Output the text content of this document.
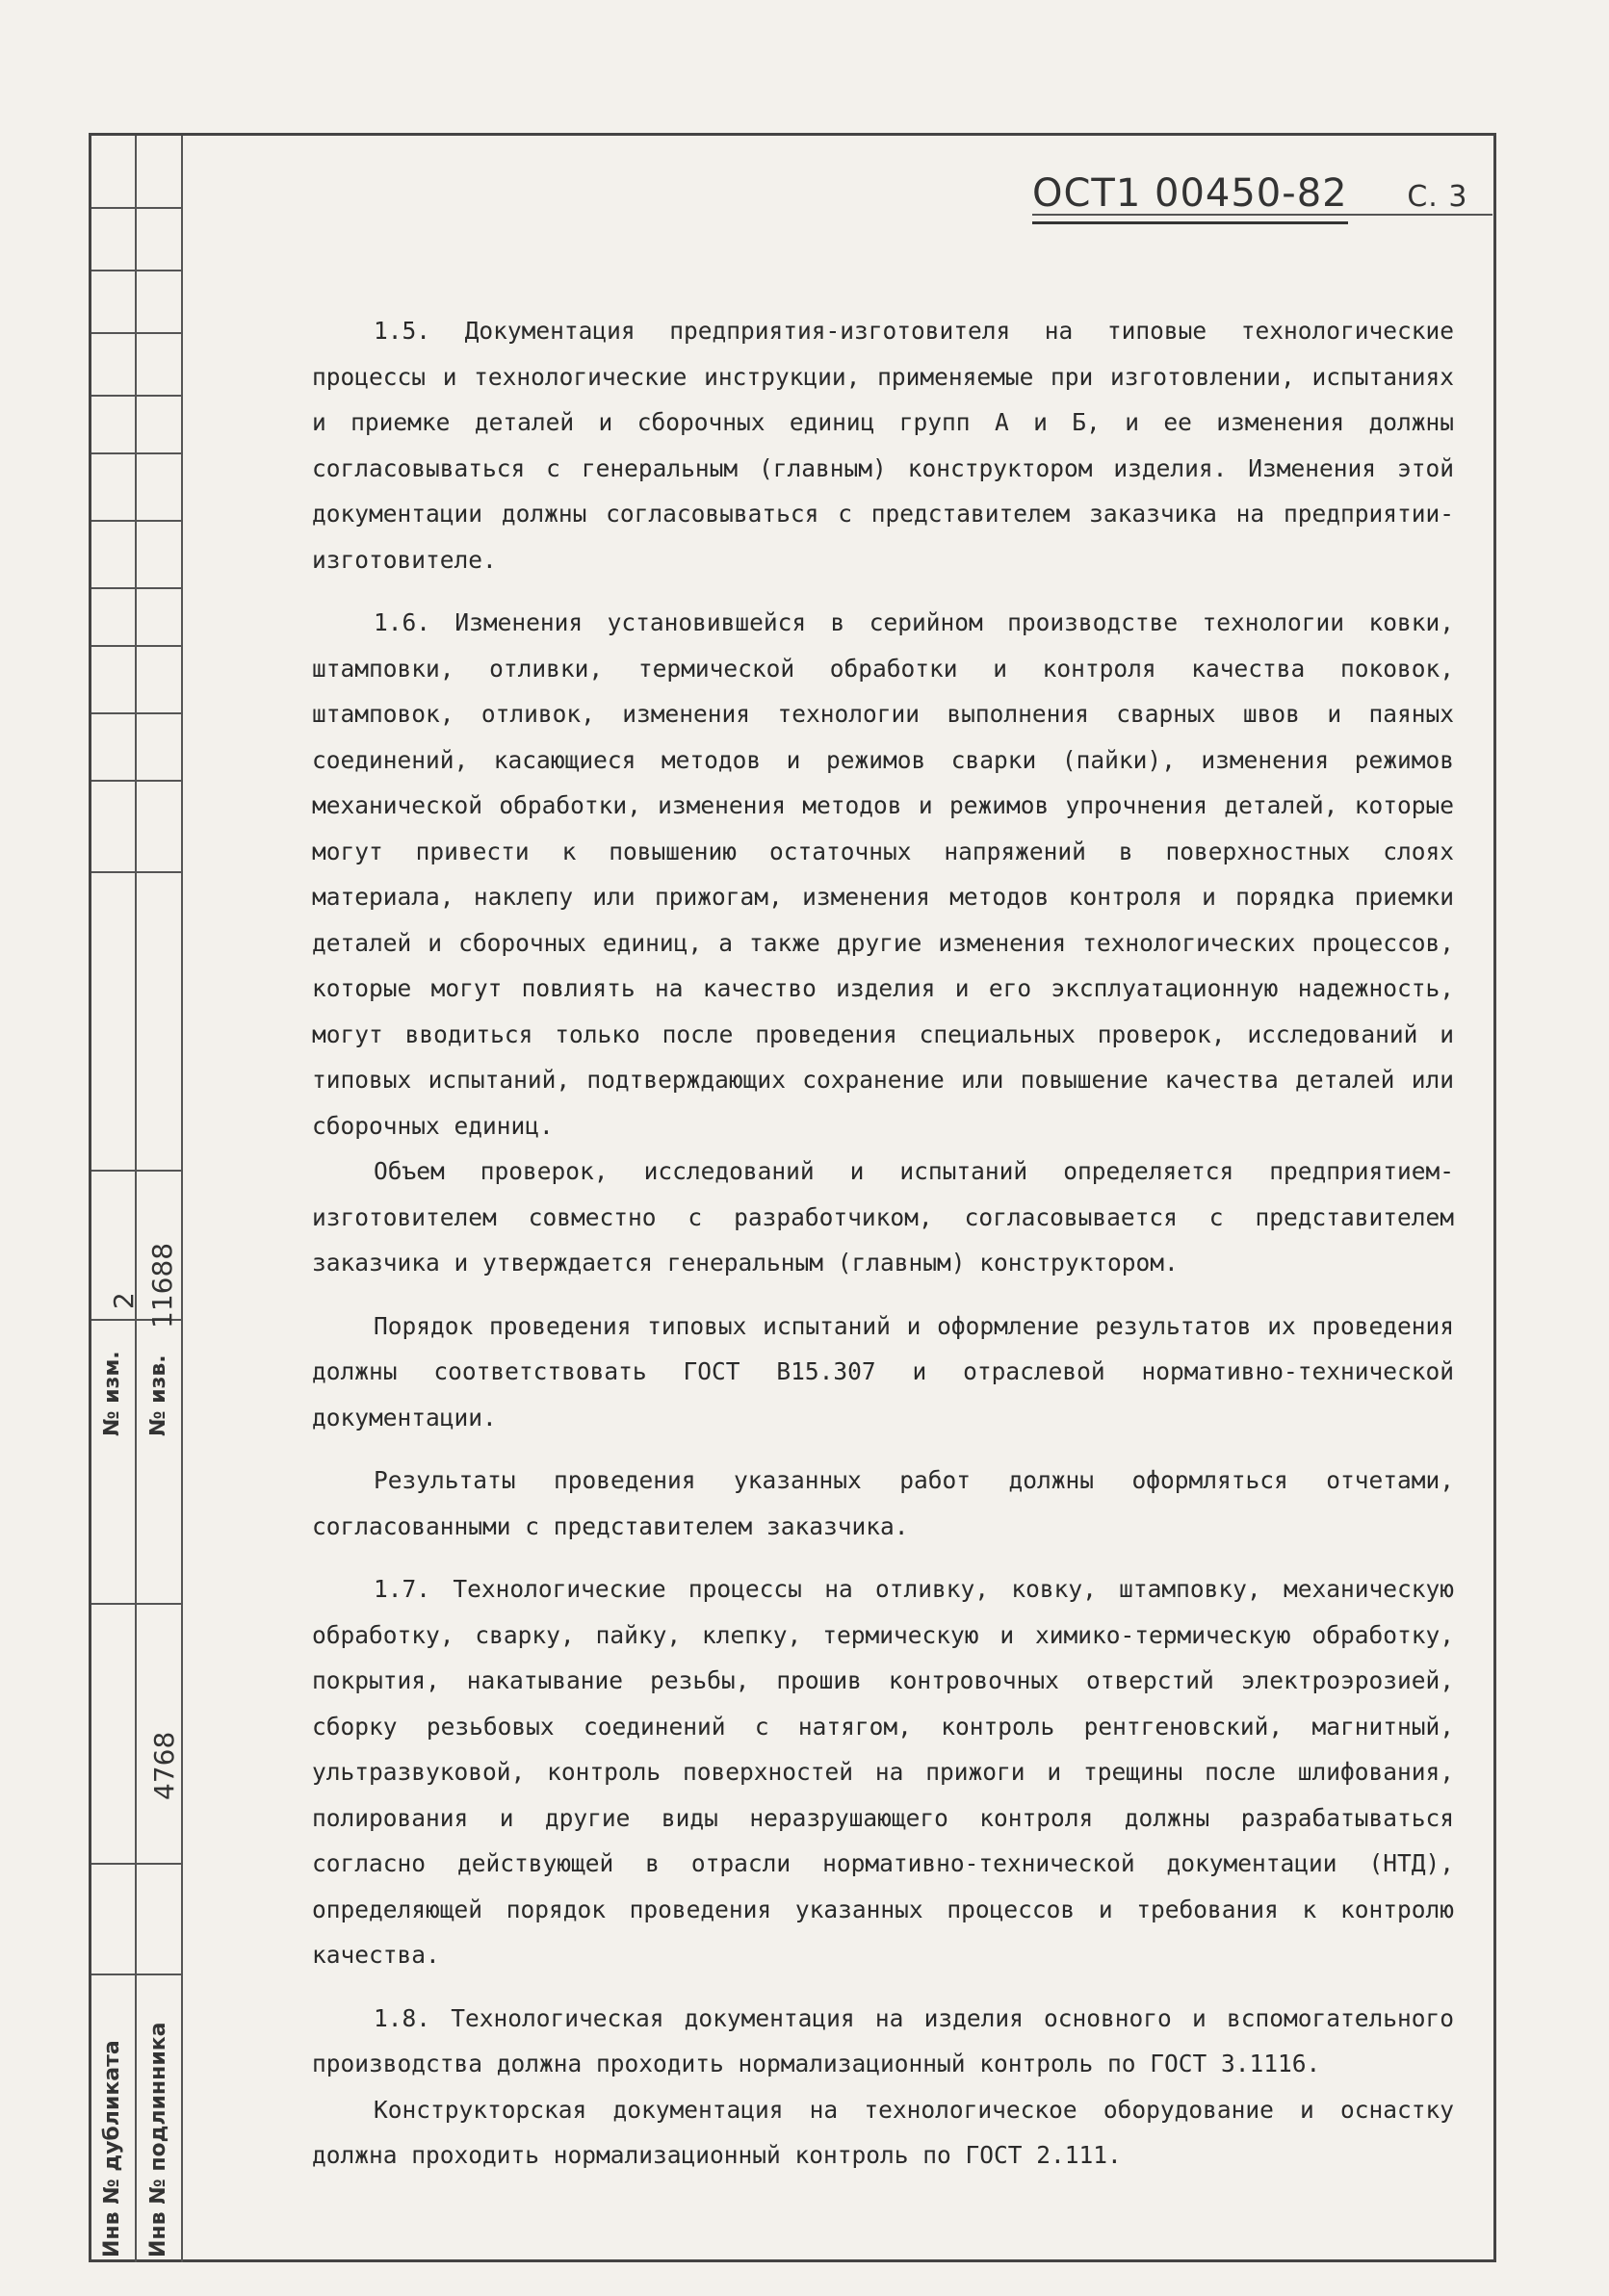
№ изм. № изв.
Инв № дубликата Инв № подлинника
2 11688
4768
ОСТ1 00450-82 С. 3

1.5. Документация предприятия-изготовителя на типовые технологические процессы и технологические инструкции, применяемые при изготовлении, испытаниях и приемке деталей и сборочных единиц групп А и Б, и ее изменения должны согласовываться с генеральным (главным) конструктором изделия. Изменения этой документации должны согласовываться с представителем заказчика на предприятии-изготовителе.

1.6. Изменения установившейся в серийном производстве технологии ковки, штамповки, отливки, термической обработки и контроля качества поковок, штамповок, отливок, изменения технологии выполнения сварных швов и паяных соединений, касающиеся методов и режимов сварки (пайки), изменения режимов механической обработки, изменения методов и режимов упрочнения деталей, которые могут привести к повышению остаточных напряжений в поверхностных слоях материала, наклепу или прижогам, изменения методов контроля и порядка приемки деталей и сборочных единиц, а также другие изменения технологических процессов, которые могут повлиять на качество изделия и его эксплуатационную надежность, могут вводиться только после проведения специальных проверок, исследований и типовых испытаний, подтверждающих сохранение или повышение качества деталей или сборочных единиц.

Объем проверок, исследований и испытаний определяется предприятием-изготовителем совместно с разработчиком, согласовывается с представителем заказчика и утверждается генеральным (главным) конструктором.

Порядок проведения типовых испытаний и оформление результатов их проведения должны соответствовать ГОСТ В15.307 и отраслевой нормативно-технической документации.

Результаты проведения указанных работ должны оформляться отчетами, согласованными с представителем заказчика.

1.7. Технологические процессы на отливку, ковку, штамповку, механическую обработку, сварку, пайку, клепку, термическую и химико-термическую обработку, покрытия, накатывание резьбы, прошив контровочных отверстий электроэрозией, сборку резьбовых соединений с натягом, контроль рентгеновский, магнитный, ультразвуковой, контроль поверхностей на прижоги и трещины после шлифования, полирования и другие виды неразрушающего контроля должны разрабатываться согласно действующей в отрасли нормативно-технической документации (НТД), определяющей порядок проведения указанных процессов и требования к контролю качества.

1.8. Технологическая документация на изделия основного и вспомогательного производства должна проходить нормализационный контроль по ГОСТ 3.1116.

Конструкторская документация на технологическое оборудование и оснастку должна проходить нормализационный контроль по ГОСТ 2.111.
